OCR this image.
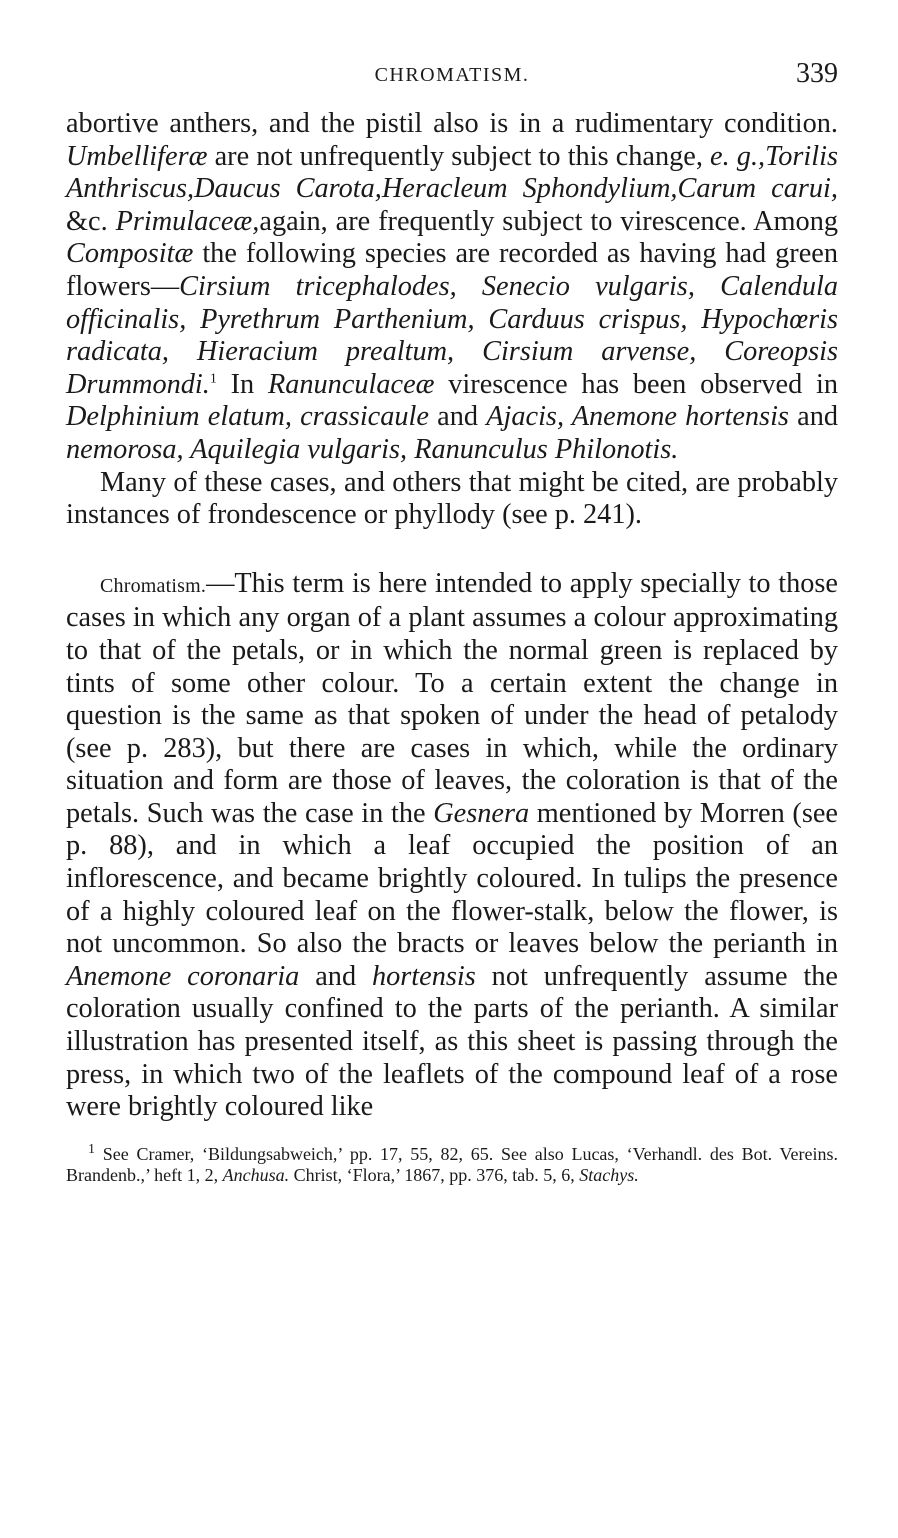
CHROMATISM.	339

abortive anthers, and the pistil also is in a rudimentary condition. Umbelliferæ are not unfrequently subject to this change, e. g.,Torilis Anthriscus,Daucus Carota,Heracleum Sphondylium,Carum carui, &c. Primulaceæ,again, are frequently subject to virescence. Among Compositæ the following species are recorded as having had green flowers—Cirsium tricephalodes, Senecio vulgaris, Calendula officinalis, Pyrethrum Parthenium, Carduus crispus, Hypochœris radicata, Hieracium prealtum, Cirsium arvense, Coreopsis Drummondi.$^1$ In Ranunculaceæ virescence has been observed in Delphinium elatum, crassicaule and Ajacis, Anemone hortensis and nemorosa, Aquilegia vulgaris, Ranunculus Philonotis.

Many of these cases, and others that might be cited, are probably instances of frondescence or phyllody (see p. 241).

Chromatism.—This term is here intended to apply specially to those cases in which any organ of a plant assumes a colour approximating to that of the petals, or in which the normal green is replaced by tints of some other colour. To a certain extent the change in question is the same as that spoken of under the head of petalody (see p. 283), but there are cases in which, while the ordinary situation and form are those of leaves, the coloration is that of the petals. Such was the case in the Gesnera mentioned by Morren (see p. 88), and in which a leaf occupied the position of an inflorescence, and became brightly coloured. In tulips the presence of a highly coloured leaf on the flower-stalk, below the flower, is not uncommon. So also the bracts or leaves below the perianth in Anemone coronaria and hortensis not unfrequently assume the coloration usually confined to the parts of the perianth. A similar illustration has presented itself, as this sheet is passing through the press, in which two of the leaflets of the compound leaf of a rose were brightly coloured like

$^1$ See Cramer, ‘Bildungsabweich,’ pp. 17, 55, 82, 65. See also Lucas, ‘Verhandl. des Bot. Vereins. Brandenb.,’ heft 1, 2, Anchusa. Christ, ‘Flora,’ 1867, pp. 376, tab. 5, 6, Stachys.
